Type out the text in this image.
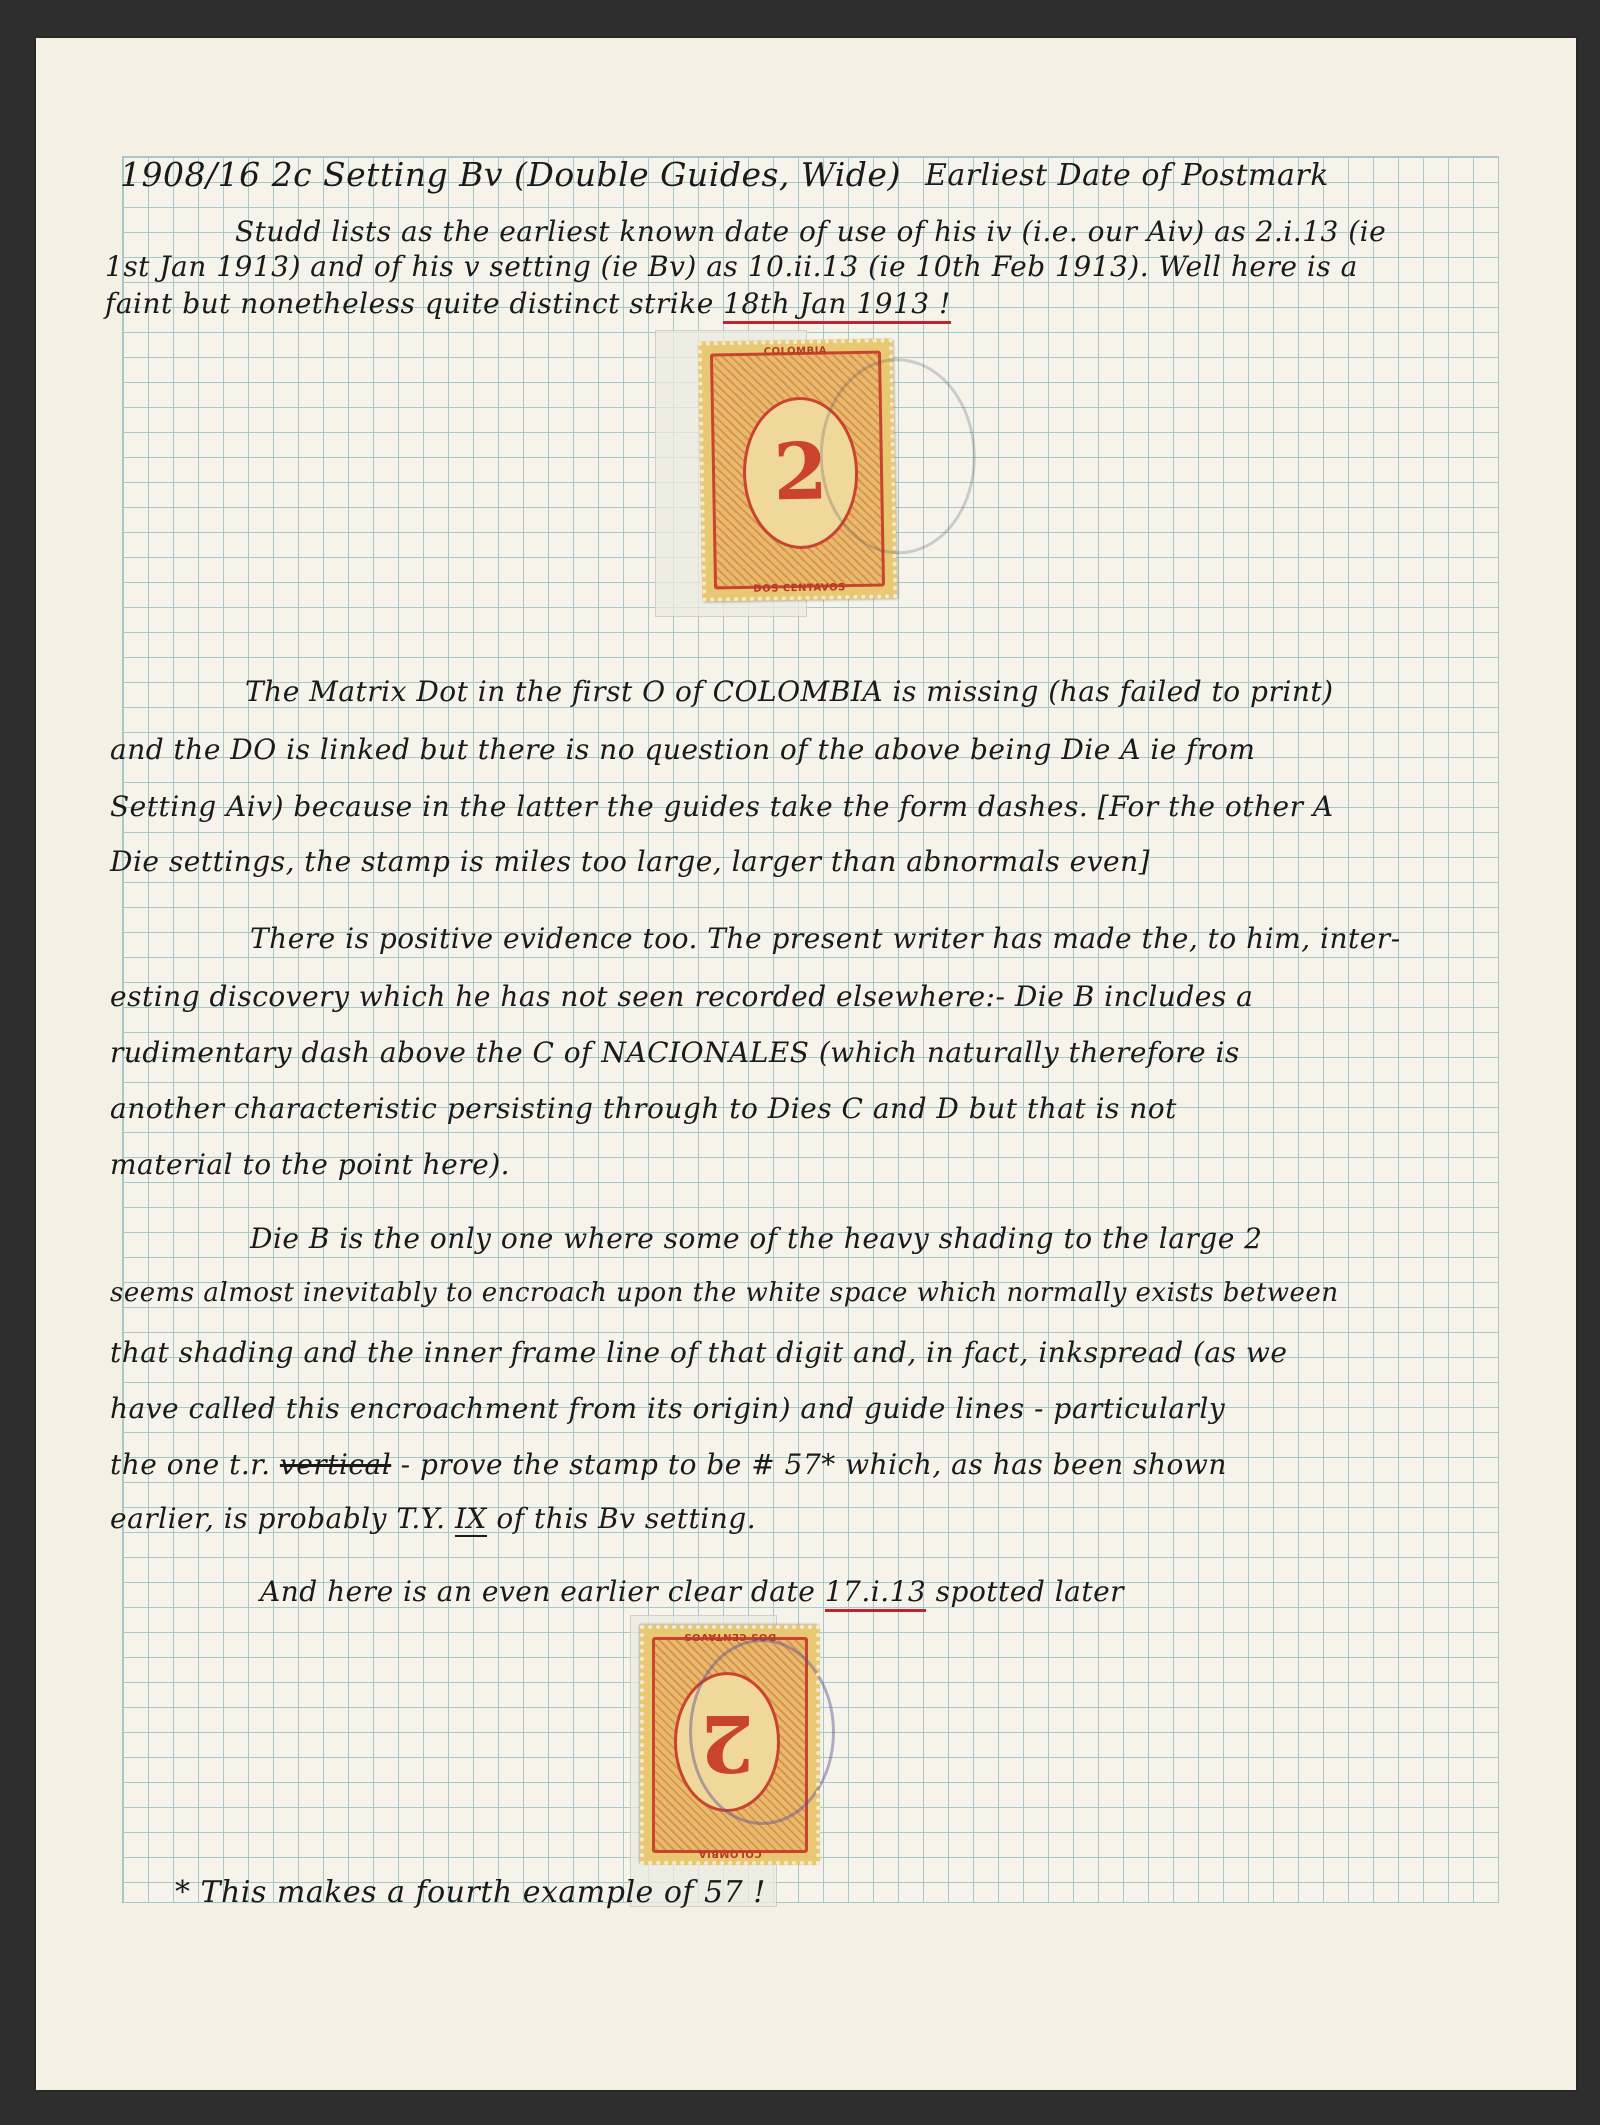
1908/16 2c Setting Bv (Double Guides, Wide) Earliest Date of Postmark
Studd lists as the earliest known date of use of his iv (i.e. our Aiv) as 2.i.13 (ie
1st Jan 1913) and of his v setting (ie Bv) as 10.ii.13 (ie 10th Feb 1913). Well here is a
faint but nonetheless quite distinct strike 18th Jan 1913 !
COLOMBIA
2
DOS CENTAVOS
The Matrix Dot in the first O of COLOMBIA is missing (has failed to print)
and the DO is linked but there is no question of the above being Die A ie from
Setting Aiv) because in the latter the guides take the form dashes. [For the other A
Die settings, the stamp is miles too large, larger than abnormals even]
There is positive evidence too. The present writer has made the, to him, inter-
esting discovery which he has not seen recorded elsewhere:- Die B includes a
rudimentary dash above the C of NACIONALES (which naturally therefore is
another characteristic persisting through to Dies C and D but that is not
material to the point here).
Die B is the only one where some of the heavy shading to the large 2
seems almost inevitably to encroach upon the white space which normally exists between
that shading and the inner frame line of that digit and, in fact, inkspread (as we
have called this encroachment from its origin) and guide lines - particularly
the one t.r. vertical - prove the stamp to be # 57* which, as has been shown
earlier, is probably T.Y. IX of this Bv setting.
And here is an even earlier clear date 17.i.13 spotted later
COLOMBIA
2
DOS CENTAVOS
* This makes a fourth example of 57 !
